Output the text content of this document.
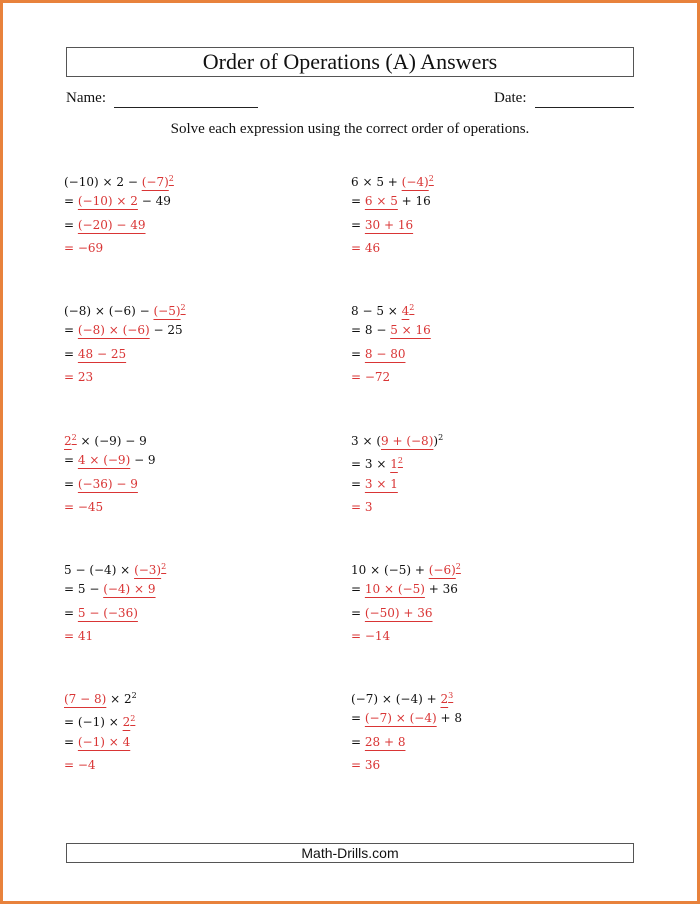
Order of Operations (A) Answers
Name:	Date:
Solve each expression using the correct order of operations.
$(-10) \times 2 - (-7)^2$
= (−10) × 2 − 49
= (−20) − 49
= −69
$6 \times 5 + (-4)^2$
= 6 × 5 + 16
= 30 + 16
= 46
$(-8) \times (-6) - (-5)^2$
= (−8) × (−6) − 25
= 48 − 25
= 23
$8 - 5 \times 4^2$
= 8 − 5 × 16
= 8 − 80
= −72
$2^2 \times (-9) - 9$
= 4 × (−9) − 9
= (−36) − 9
= −45
$3 \times (9 + (-8))^2$
= $3 \times 1^2$
= 3 × 1
= 3
$5 - (-4) \times (-3)^2$
= 5 − (−4) × 9
= 5 − (−36)
= 41
$10 \times (-5) + (-6)^2$
= 10 × (−5) + 36
= (−50) + 36
= −14
$(7 - 8) \times 2^2$
= $(-1) \times 2^2$
= (−1) × 4
= −4
$(-7) \times (-4) + 2^3$
= (−7) × (−4) + 8
= 28 + 8
= 36
Math-Drills.com
